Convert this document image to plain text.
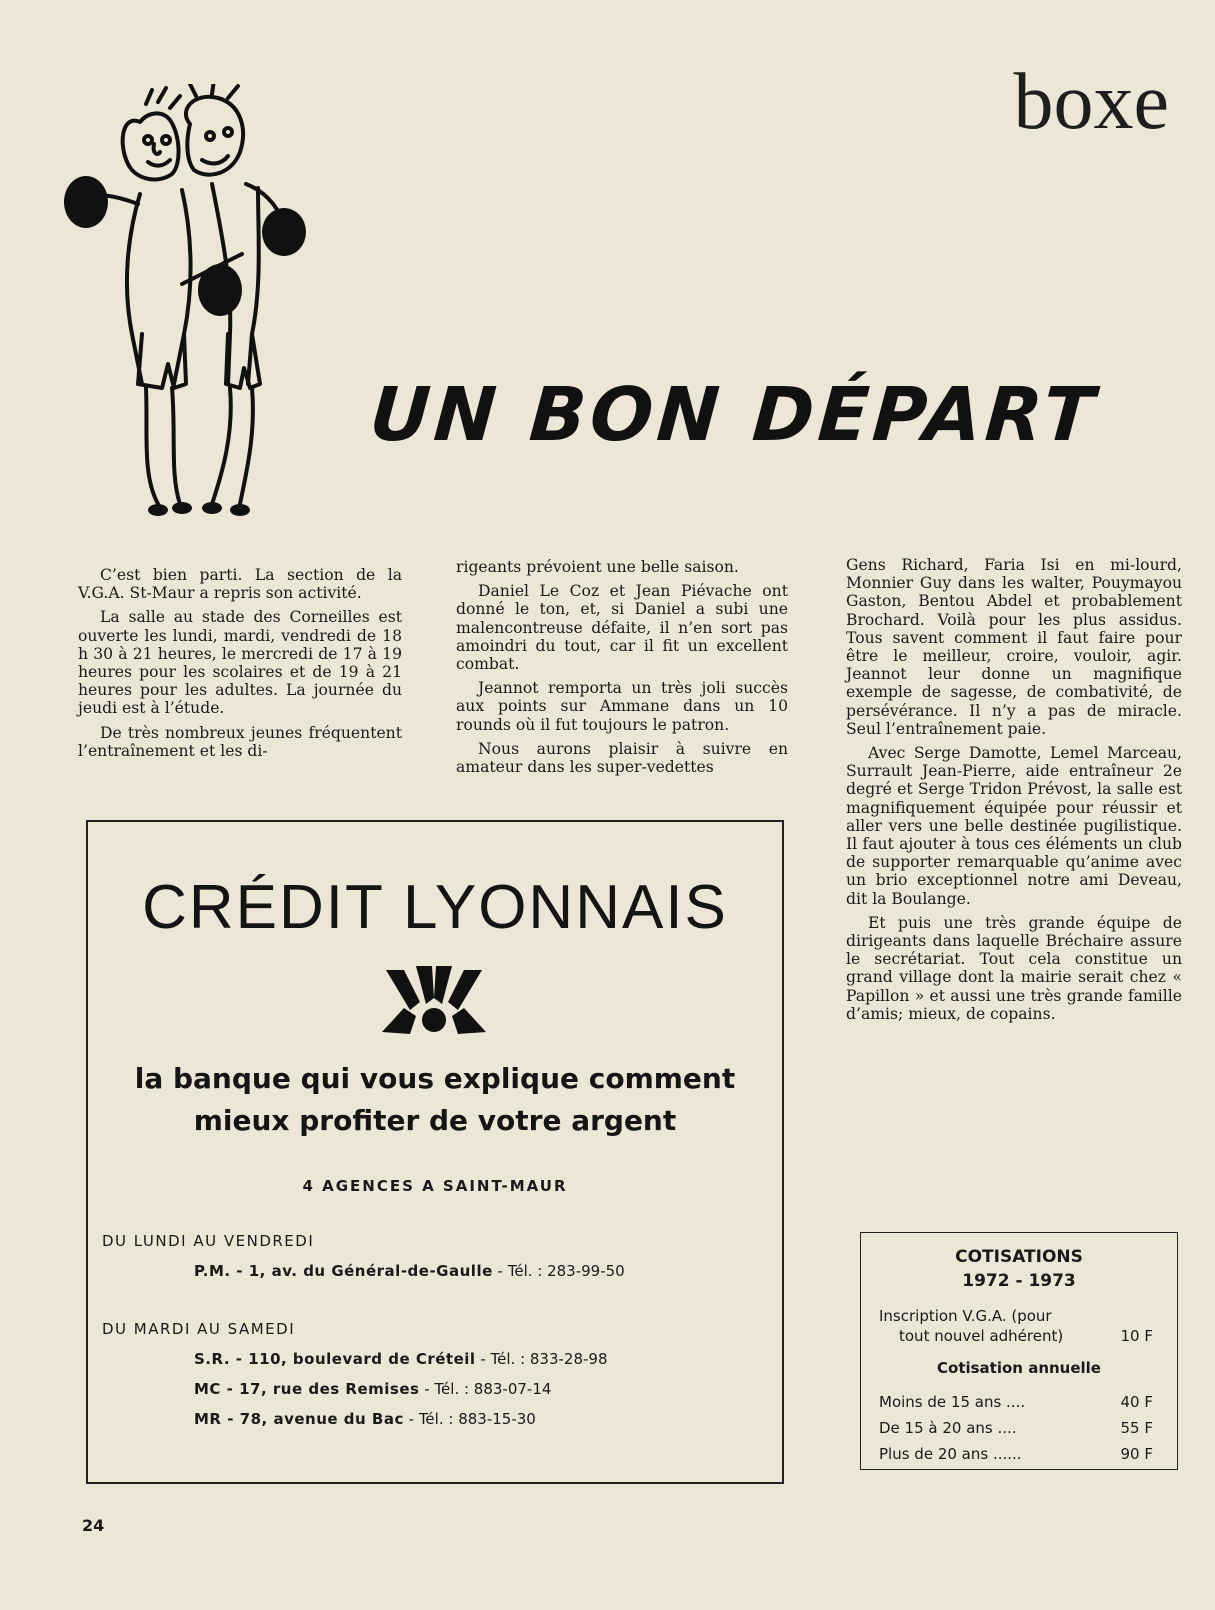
boxe
UN BON DÉPART

C’est bien parti. La section de la V.G.A. St-Maur a repris son activité.

La salle au stade des Corneilles est ouverte les lundi, mardi, vendredi de 18 h 30 à 21 heures, le mercredi de 17 à 19 heures pour les scolaires et de 19 à 21 heures pour les adultes. La journée du jeudi est à l’étude.

De très nombreux jeunes fréquentent l’entraînement et les di-

rigeants prévoient une belle saison.

Daniel Le Coz et Jean Piévache ont donné le ton, et, si Daniel a subi une malencontreuse défaite, il n’en sort pas amoindri du tout, car il fit un excellent combat.

Jeannot remporta un très joli succès aux points sur Ammane dans un 10 rounds où il fut toujours le patron.

Nous aurons plaisir à suivre en amateur dans les super-vedettes

Gens Richard, Faria Isi en mi-lourd, Monnier Guy dans les walter, Pouymayou Gaston, Bentou Abdel et probablement Brochard. Voilà pour les plus assidus. Tous savent comment il faut faire pour être le meilleur, croire, vouloir, agir. Jeannot leur donne un magnifique exemple de sagesse, de combativité, de persévérance. Il n’y a pas de miracle. Seul l’entraînement paie.

Avec Serge Damotte, Lemel Marceau, Surrault Jean-Pierre, aide entraîneur 2e degré et Serge Tridon Prévost, la salle est magnifiquement équipée pour réussir et aller vers une belle destinée pugilistique. Il faut ajouter à tous ces éléments un club de supporter remarquable qu’anime avec un brio exceptionnel notre ami Deveau, dit la Boulange.

Et puis une très grande équipe de dirigeants dans laquelle Bréchaire assure le secrétariat. Tout cela constitue un grand village dont la mairie serait chez « Papillon » et aussi une très grande famille d’amis; mieux, de copains.

CRÉDIT LYONNAIS
la banque qui vous explique comment
mieux profiter de votre argent
4 AGENCES A SAINT-MAUR
DU LUNDI AU VENDREDI
P.M. - 1, av. du Général-de-Gaulle - Tél. : 283-99-50
DU MARDI AU SAMEDI
S.R. - 110, boulevard de Créteil - Tél. : 833-28-98
MC - 17, rue des Remises - Tél. : 883-07-14
MR - 78, avenue du Bac - Tél. : 883-15-30
COTISATIONS
1972 - 1973
Inscription V.G.A. (pour
tout nouvel adhérent)	10 F
Cotisation annuelle
Moins de 15 ans ....	40 F
De 15 à 20 ans ....	55 F
Plus de 20 ans ......	90 F
24
